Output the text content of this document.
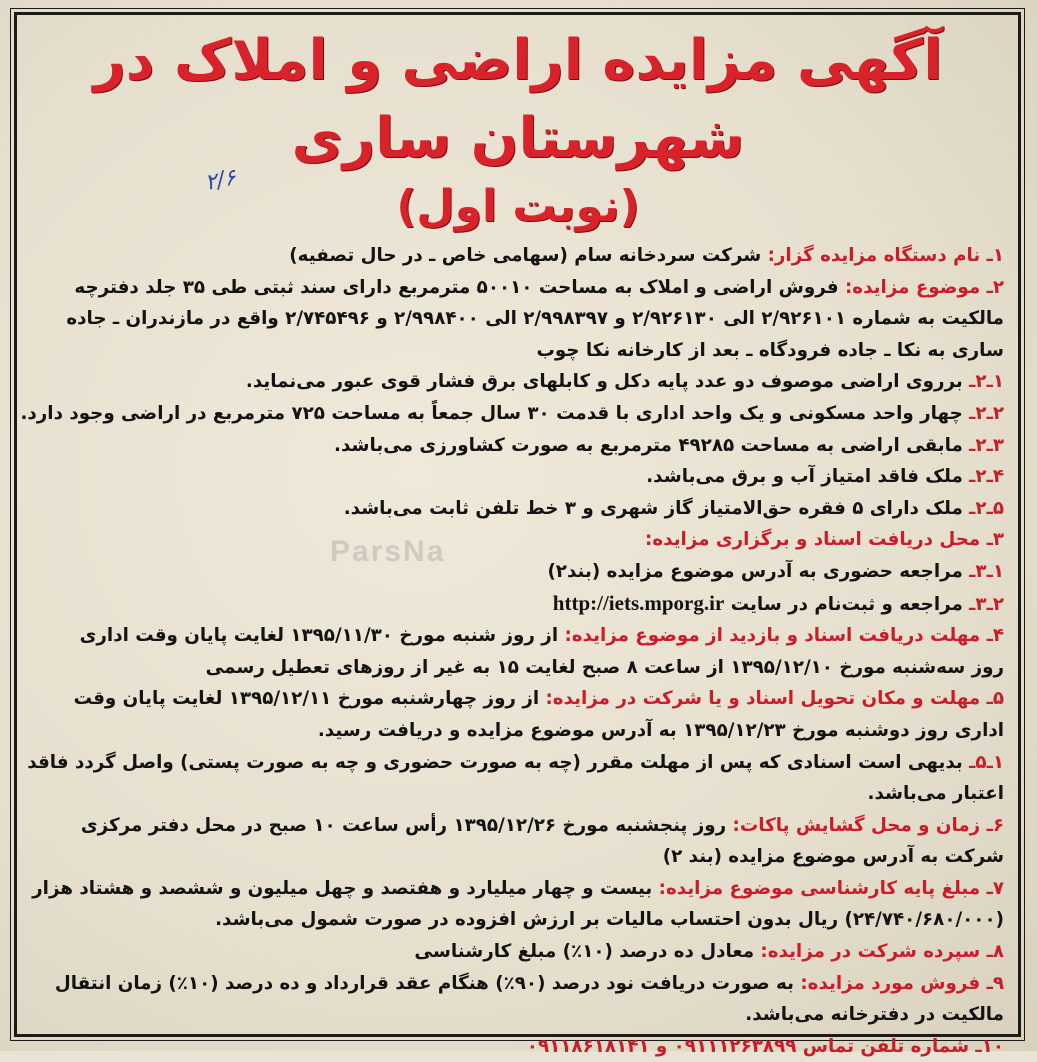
ParsNa
۲/۶
آگهی مزایده اراضی و املاک در شهرستان ساری
(نوبت اول)
۱ـ نام دستگاه مزایده گزار: شرکت سردخانه سام (سهامی خاص ـ در حال تصفیه)
۲ـ موضوع مزایده: فروش اراضی و املاک به مساحت ۵۰۰۱۰ مترمربع دارای سند ثبتی طی ۳۵ جلد دفترچه
مالکیت به شماره ۲/۹۲۶۱۰۱ الی ۲/۹۲۶۱۳۰ و ۲/۹۹۸۳۹۷ الی ۲/۹۹۸۴۰۰ و ۲/۷۴۵۴۹۶ واقع در مازندران ـ جاده
ساری به نکا ـ جاده فرودگاه ـ بعد از کارخانه نکا چوب
۱ـ۲ـ برروی اراضی موصوف دو عدد پایه دکل و کابلهای برق فشار قوی عبور می‌نماید.
۲ـ۲ـ چهار واحد مسکونی و یک واحد اداری با قدمت ۳۰ سال جمعاً به مساحت ۷۲۵ مترمربع در اراضی وجود دارد.
۳ـ۲ـ مابقی اراضی به مساحت ۴۹۲۸۵ مترمربع به صورت کشاورزی می‌باشد.
۴ـ۲ـ ملک فاقد امتیاز آب و برق می‌باشد.
۵ـ۲ـ ملک دارای ۵ فقره حق‌الامتیاز گاز شهری و ۳ خط تلفن ثابت می‌باشد.
۳ـ محل دریافت اسناد و برگزاری مزایده:
۱ـ۳ـ مراجعه حضوری به آدرس موضوع مزایده (بند۲)
۲ـ۳ـ مراجعه و ثبت‌نام در سایت http://iets.mporg.ir
۴ـ مهلت دریافت اسناد و بازدید از موضوع مزایده: از روز شنبه مورخ ۱۳۹۵/۱۱/۳۰ لغایت پایان وقت اداری
روز سه‌شنبه مورخ ۱۳۹۵/۱۲/۱۰ از ساعت ۸ صبح لغایت ۱۵ به غیر از روزهای تعطیل رسمی
۵ـ مهلت و مکان تحویل اسناد و یا شرکت در مزایده: از روز چهارشنبه مورخ ۱۳۹۵/۱۲/۱۱ لغایت پایان وقت
اداری روز دوشنبه مورخ ۱۳۹۵/۱۲/۲۳ به آدرس موضوع مزایده و دریافت رسید.
۱ـ۵ـ بدیهی است اسنادی که پس از مهلت مقرر (چه به صورت حضوری و چه به صورت پستی) واصل گردد فاقد
اعتبار می‌باشد.
۶ـ زمان و محل گشایش پاکات: روز پنجشنبه مورخ ۱۳۹۵/۱۲/۲۶ رأس ساعت ۱۰ صبح در محل دفتر مرکزی
شرکت به آدرس موضوع مزایده (بند ۲)
۷ـ مبلغ پایه کارشناسی موضوع مزایده: بیست و چهار میلیارد و هفتصد و چهل میلیون و ششصد و هشتاد هزار
(۲۴/۷۴۰/۶۸۰/۰۰۰) ریال بدون احتساب مالیات بر ارزش افزوده در صورت شمول می‌باشد.
۸ـ سپرده شرکت در مزایده: معادل ده درصد (۱۰٪) مبلغ کارشناسی
۹ـ فروش مورد مزایده: به صورت دریافت نود درصد (۹۰٪) هنگام عقد قرارداد و ده درصد (۱۰٪) زمان انتقال
مالکیت در دفترخانه می‌باشد.
۱۰ـ شماره تلفن تماس ۰۹۱۱۱۲۶۳۸۹۹ و ۰۹۱۱۸۶۱۸۱۴۱
